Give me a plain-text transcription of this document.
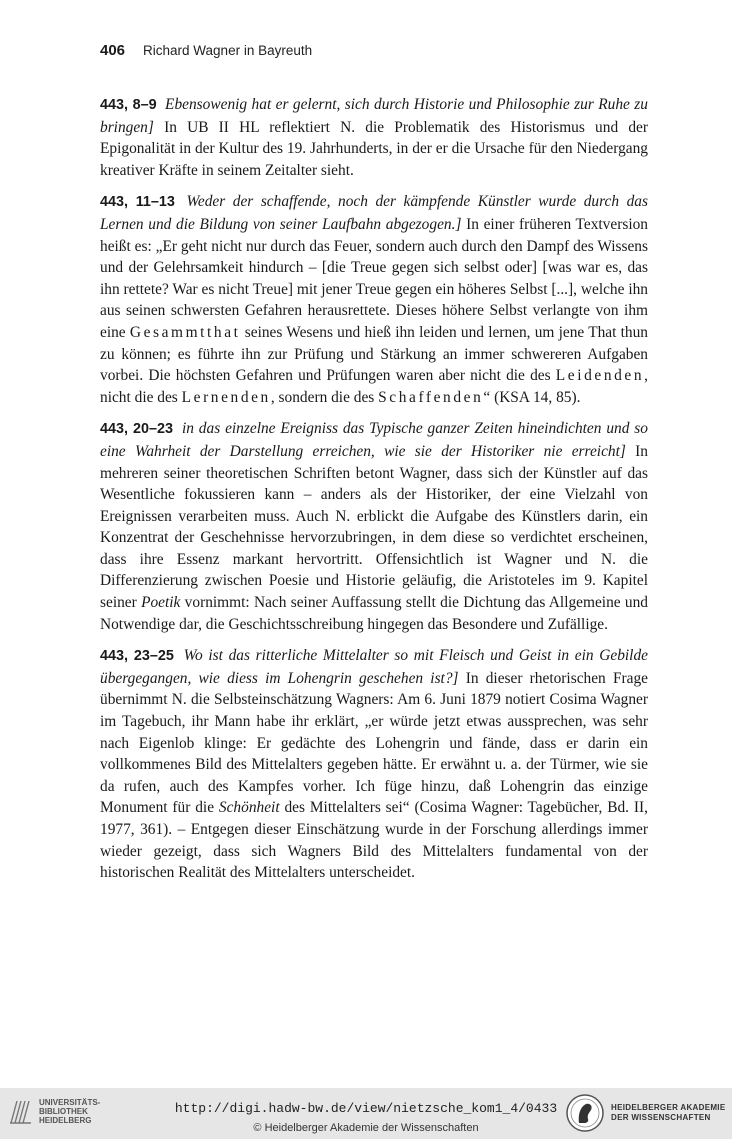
406 Richard Wagner in Bayreuth

443, 8–9 Ebensowenig hat er gelernt, sich durch Historie und Philosophie zur Ruhe zu bringen] In UB II HL reflektiert N. die Problematik des Historismus und der Epigonalität in der Kultur des 19. Jahrhunderts, in der er die Ursache für den Niedergang kreativer Kräfte in seinem Zeitalter sieht.

443, 11–13 Weder der schaffende, noch der kämpfende Künstler wurde durch das Lernen und die Bildung von seiner Laufbahn abgezogen.] In einer früheren Textversion heißt es: „Er geht nicht nur durch das Feuer, sondern auch durch den Dampf des Wissens und der Gelehrsamkeit hindurch – [die Treue gegen sich selbst oder] [was war es, das ihn rettete? War es nicht Treue] mit jener Treue gegen ein höheres Selbst [...], welche ihn aus seinen schwersten Gefahren herausrettete. Dieses höhere Selbst verlangte von ihm eine Gesammtthat seines Wesens und hieß ihn leiden und lernen, um jene That thun zu können; es führte ihn zur Prüfung und Stärkung an immer schwereren Aufgaben vorbei. Die höchsten Gefahren und Prüfungen waren aber nicht die des Leidenden, nicht die des Lernenden, sondern die des Schaffenden“ (KSA 14, 85).

443, 20–23 in das einzelne Ereigniss das Typische ganzer Zeiten hineindichten und so eine Wahrheit der Darstellung erreichen, wie sie der Historiker nie erreicht] In mehreren seiner theoretischen Schriften betont Wagner, dass sich der Künstler auf das Wesentliche fokussieren kann – anders als der Historiker, der eine Vielzahl von Ereignissen verarbeiten muss. Auch N. erblickt die Aufgabe des Künstlers darin, ein Konzentrat der Geschehnisse hervorzubringen, in dem diese so verdichtet erscheinen, dass ihre Essenz markant hervortritt. Offensichtlich ist Wagner und N. die Differenzierung zwischen Poesie und Historie geläufig, die Aristoteles im 9. Kapitel seiner Poetik vornimmt: Nach seiner Auffassung stellt die Dichtung das Allgemeine und Notwendige dar, die Geschichtsschreibung hingegen das Besondere und Zufällige.

443, 23–25 Wo ist das ritterliche Mittelalter so mit Fleisch und Geist in ein Gebilde übergegangen, wie diess im Lohengrin geschehen ist?] In dieser rhetorischen Frage übernimmt N. die Selbsteinschätzung Wagners: Am 6. Juni 1879 notiert Cosima Wagner im Tagebuch, ihr Mann habe ihr erklärt, „er würde jetzt etwas aussprechen, was sehr nach Eigenlob klinge: Er gedächte des Lohengrin und fände, dass er darin ein vollkommenes Bild des Mittelalters gegeben hätte. Er erwähnt u. a. der Türmer, wie sie da rufen, auch des Kampfes vorher. Ich füge hinzu, daß Lohengrin das einzige Monument für die Schönheit des Mittelalters sei“ (Cosima Wagner: Tagebücher, Bd. II, 1977, 361). – Entgegen dieser Einschätzung wurde in der Forschung allerdings immer wieder gezeigt, dass sich Wagners Bild des Mittelalters fundamental von der historischen Realität des Mittelalters unterscheidet.

UNIVERSITÄTS-
BIBLIOTHEK
HEIDELBERG
http://digi.hadw-bw.de/view/nietzsche_kom1_4/0433
© Heidelberger Akademie der Wissenschaften
HEIDELBERGER AKADEMIE
DER WISSENSCHAFTEN
